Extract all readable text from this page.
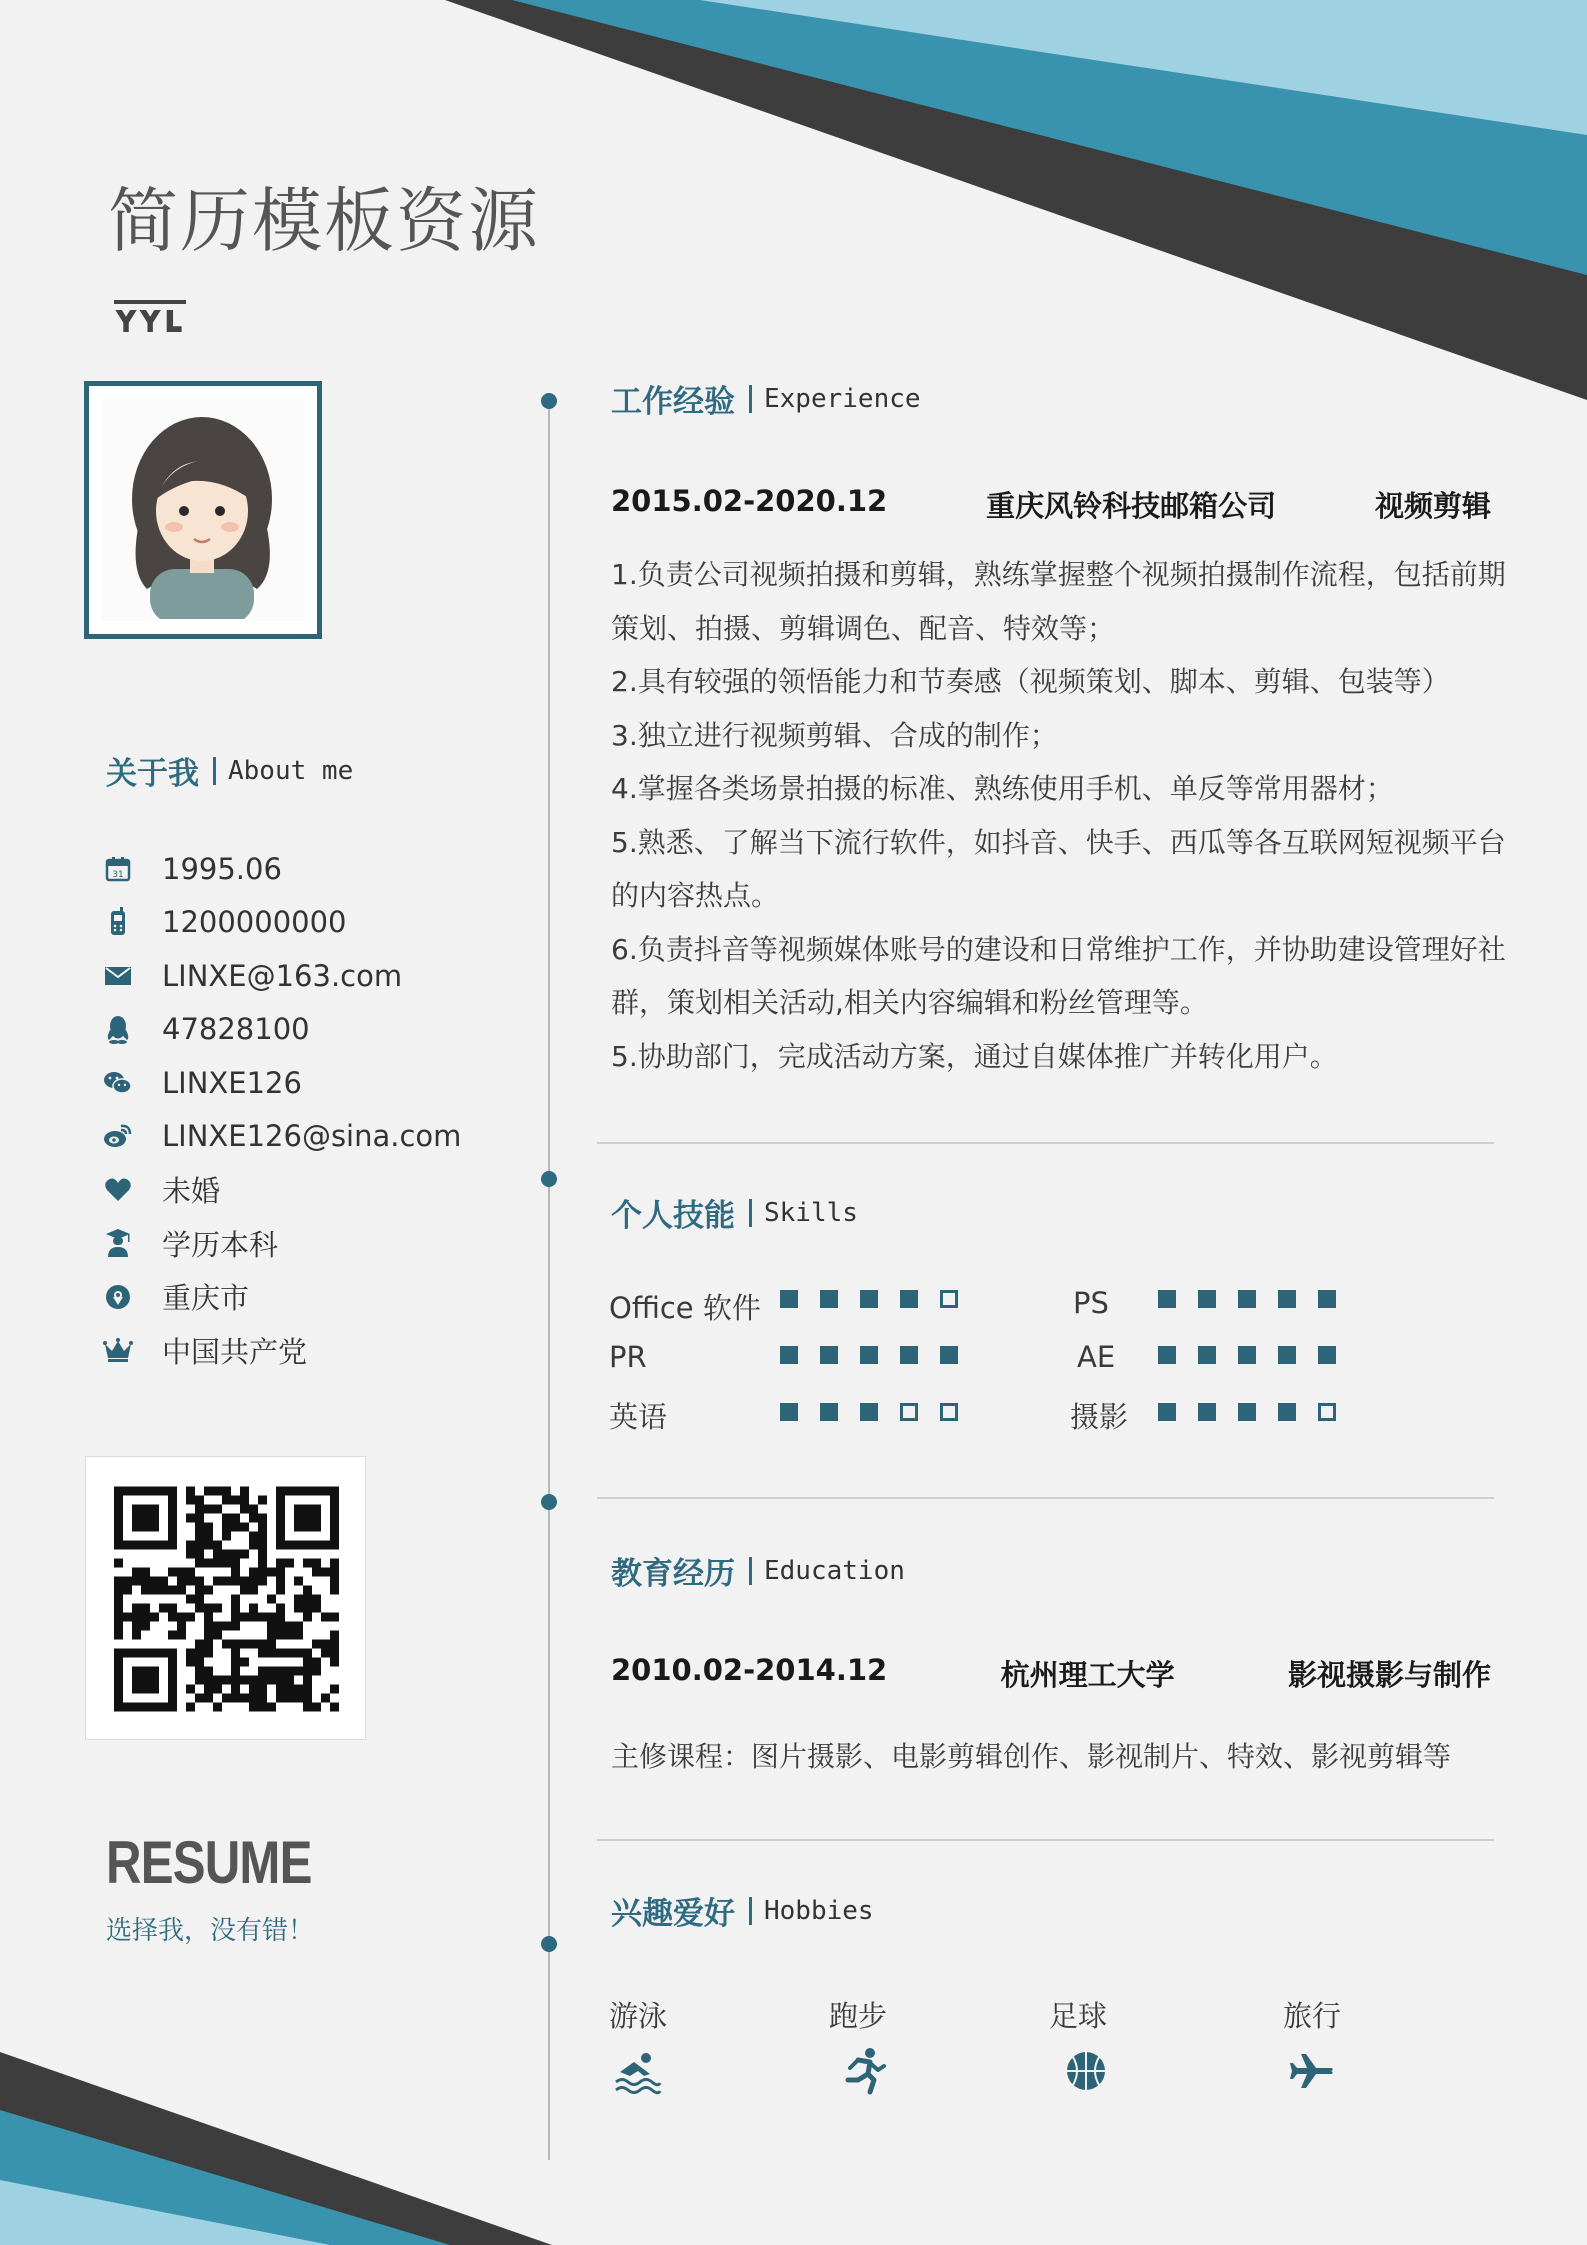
简历模板资源
ʏʏʟ
关于我 About me
31 1995.06
1200000000
LINXE@163.com
47828100
LINXE126
LINXE126@sina.com
未婚
学历本科
重庆市
中国共产党
RESUME
选择我，没有错！
工作经验 Experience
2015.02-2020.12	重庆风铃科技邮箱公司	视频剪辑

1.负责公司视频拍摄和剪辑，熟练掌握整个视频拍摄制作流程，包括前期

策划、拍摄、剪辑调色、配音、特效等；

2.具有较强的领悟能力和节奏感（视频策划、脚本、剪辑、包装等）

3.独立进行视频剪辑、合成的制作；

4.掌握各类场景拍摄的标准、熟练使用手机、单反等常用器材；

5.熟悉、了解当下流行软件，如抖音、快手、西瓜等各互联网短视频平台

的内容热点。

6.负责抖音等视频媒体账号的建设和日常维护工作，并协助建设管理好社

群，策划相关活动,相关内容编辑和粉丝管理等。

5.协助部门，完成活动方案，通过自媒体推广并转化用户。

个人技能 Skills
Office 软件	PS
PR	AE
英语	摄影
教育经历 Education
2010.02-2014.12	杭州理工大学	影视摄影与制作
主修课程：图片摄影、电影剪辑创作、影视制片、特效、影视剪辑等
兴趣爱好 Hobbies
游泳	跑步	足球	旅行
